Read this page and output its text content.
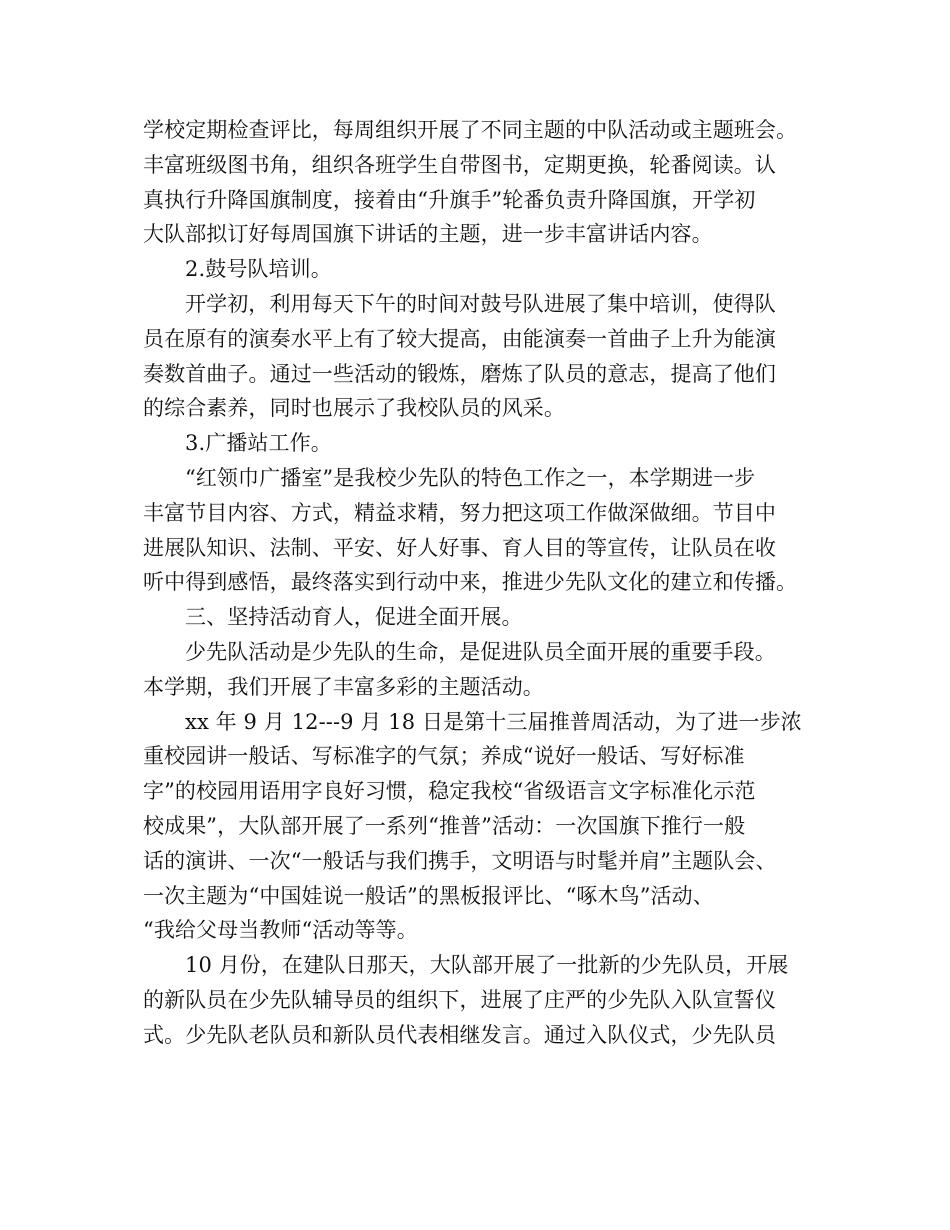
学校定期检查评比，每周组织开展了不同主题的中队活动或主题班会。
丰富班级图书角，组织各班学生自带图书，定期更换，轮番阅读。认
真执行升降国旗制度，接着由“升旗手”轮番负责升降国旗，开学初
大队部拟订好每周国旗下讲话的主题，进一步丰富讲话内容。
2.鼓号队培训。
开学初，利用每天下午的时间对鼓号队进展了集中培训，使得队
员在原有的演奏水平上有了较大提高，由能演奏一首曲子上升为能演
奏数首曲子。通过一些活动的锻炼，磨炼了队员的意志，提高了他们
的综合素养，同时也展示了我校队员的风采。
3.广播站工作。
“红领巾广播室”是我校少先队的特色工作之一，本学期进一步
丰富节目内容、方式，精益求精，努力把这项工作做深做细。节目中
进展队知识、法制、平安、好人好事、育人目的等宣传，让队员在收
听中得到感悟，最终落实到行动中来，推进少先队文化的建立和传播。
三、坚持活动育人，促进全面开展。
少先队活动是少先队的生命，是促进队员全面开展的重要手段。
本学期，我们开展了丰富多彩的主题活动。
xx 年 9 月 12---9 月 18 日是第十三届推普周活动，为了进一步浓
重校园讲一般话、写标准字的气氛；养成“说好一般话、写好标准
字”的校园用语用字良好习惯，稳定我校“省级语言文字标准化示范
校成果”，大队部开展了一系列“推普”活动：一次国旗下推行一般
话的演讲、一次“一般话与我们携手，文明语与时髦并肩”主题队会、
一次主题为“中国娃说一般话”的黑板报评比、“啄木鸟”活动、
“我给父母当教师“活动等等。
10 月份，在建队日那天，大队部开展了一批新的少先队员，开展
的新队员在少先队辅导员的组织下，进展了庄严的少先队入队宣誓仪
式。少先队老队员和新队员代表相继发言。通过入队仪式，少先队员
